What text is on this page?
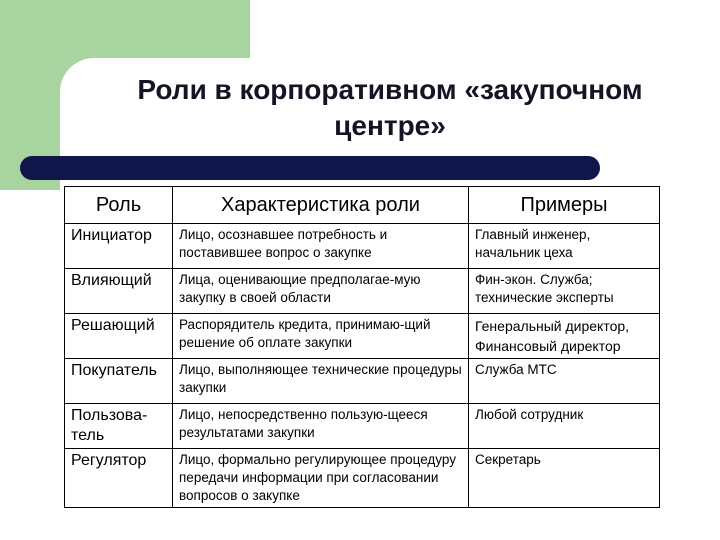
Роли в корпоративном «закупочном
центре»
Роль	Характеристика роли	Примеры
Инициатор	Лицо, осознавшее потребность и поставившее вопрос о закупке	Главный инженер, начальник цеха
Влияющий	Лица, оценивающие предполагае-мую закупку в своей области	Фин-экон. Служба; технические эксперты
Решающий	Распорядитель кредита, принимаю-щий решение об оплате закупки	Генеральный директор, Финансовый директор
Покупатель	Лицо, выполняющее технические процедуры закупки	Служба МТС
Пользова-тель	Лицо, непосредственно пользую-щееся результатами закупки	Любой сотрудник
Регулятор	Лицо, формально регулирующее процедуру передачи информации при согласовании вопросов о закупке	Секретарь
